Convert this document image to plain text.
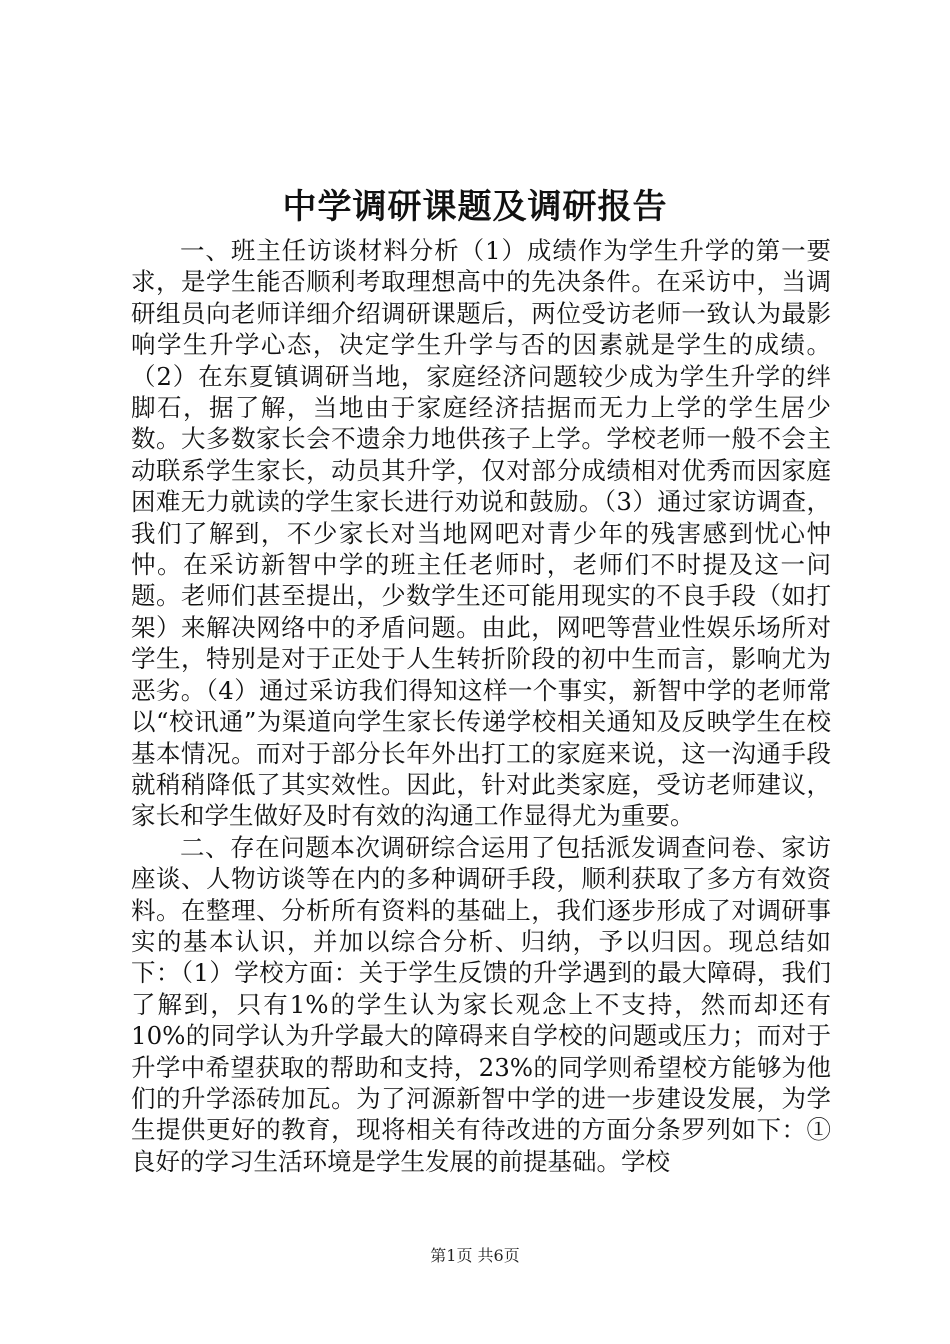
中学调研课题及调研报告

一、班主任访谈材料分析（1）成绩作为学生升学的第一要求，是学生能否顺利考取理想高中的先决条件。在采访中，当调研组员向老师详细介绍调研课题后，两位受访老师一致认为最影响学生升学心态，决定学生升学与否的因素就是学生的成绩。（2）在东夏镇调研当地，家庭经济问题较少成为学生升学的绊脚石，据了解，当地由于家庭经济拮据而无力上学的学生居少数。大多数家长会不遗余力地供孩子上学。学校老师一般不会主动联系学生家长，动员其升学，仅对部分成绩相对优秀而因家庭困难无力就读的学生家长进行劝说和鼓励。（3）通过家访调查，我们了解到，不少家长对当地网吧对青少年的残害感到忧心忡忡。在采访新智中学的班主任老师时，老师们不时提及这一问题。老师们甚至提出，少数学生还可能用现实的不良手段（如打架）来解决网络中的矛盾问题。由此，网吧等营业性娱乐场所对学生，特别是对于正处于人生转折阶段的初中生而言，影响尤为恶劣。（4）通过采访我们得知这样一个事实，新智中学的老师常以“校讯通”为渠道向学生家长传递学校相关通知及反映学生在校基本情况。而对于部分长年外出打工的家庭来说，这一沟通手段就稍稍降低了其实效性。因此，针对此类家庭，受访老师建议，家长和学生做好及时有效的沟通工作显得尤为重要。

二、存在问题本次调研综合运用了包括派发调查问卷、家访座谈、人物访谈等在内的多种调研手段，顺利获取了多方有效资料。在整理、分析所有资料的基础上，我们逐步形成了对调研事实的基本认识，并加以综合分析、归纳，予以归因。现总结如下：（1）学校方面：关于学生反馈的升学遇到的最大障碍，我们了解到，只有1%的学生认为家长观念上不支持，然而却还有10%的同学认为升学最大的障碍来自学校的问题或压力；而对于升学中希望获取的帮助和支持，23%的同学则希望校方能够为他们的升学添砖加瓦。为了河源新智中学的进一步建设发展，为学生提供更好的教育，现将相关有待改进的方面分条罗列如下：①良好的学习生活环境是学生发展的前提基础。学校

第1页 共6页
